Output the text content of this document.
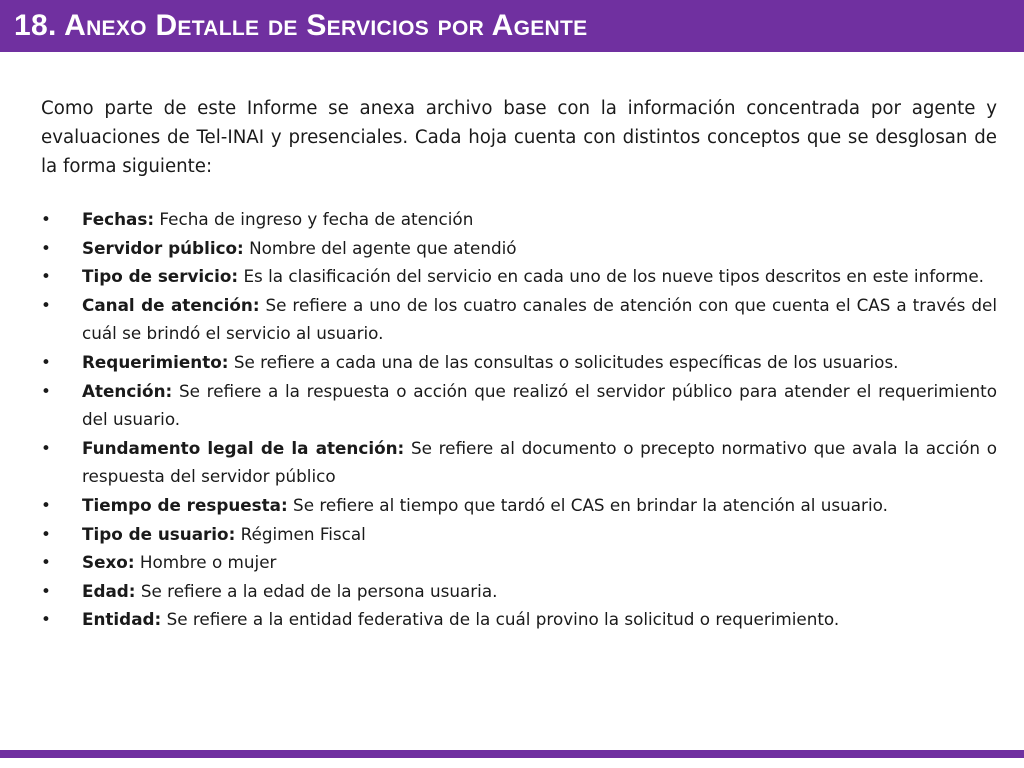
18. Anexo Detalle de Servicios por Agente

Como parte de este Informe se anexa archivo base con la información concentrada por agente y evaluaciones de Tel-INAI y presenciales. Cada hoja cuenta con distintos conceptos que se desglosan de la forma siguiente:

•	Fechas: Fecha de ingreso y fecha de atención
•	Servidor público: Nombre del agente que atendió
•	Tipo de servicio: Es la clasificación del servicio en cada uno de los nueve tipos descritos en este informe.
•	Canal de atención: Se refiere a uno de los cuatro canales de atención con que cuenta el CAS a través del cuál se brindó el servicio al usuario.
•	Requerimiento: Se refiere a cada una de las consultas o solicitudes específicas de los usuarios.
•	Atención: Se refiere a la respuesta o acción que realizó el servidor público para atender el requerimiento del usuario.
•	Fundamento legal de la atención: Se refiere al documento o precepto normativo que avala la acción o respuesta del servidor público
•	Tiempo de respuesta: Se refiere al tiempo que tardó el CAS en brindar la atención al usuario.
•	Tipo de usuario: Régimen Fiscal
•	Sexo: Hombre o mujer
•	Edad: Se refiere a la edad de la persona usuaria.
•	Entidad: Se refiere a la entidad federativa de la cuál provino la solicitud o requerimiento.
